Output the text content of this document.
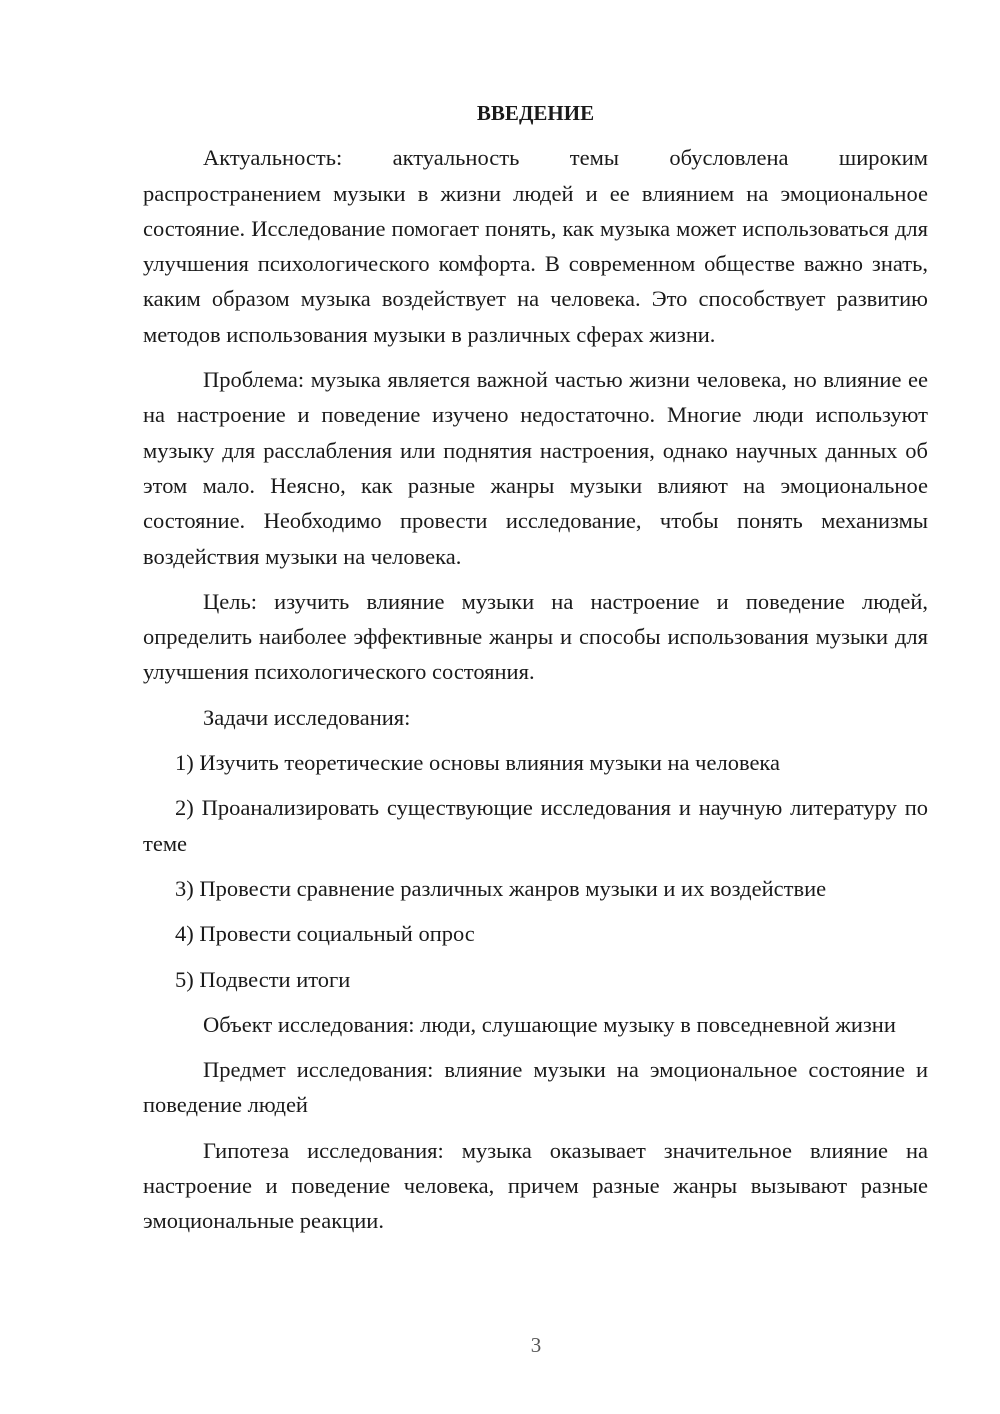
ВВЕДЕНИЕ

Актуальность: актуальность темы обусловлена широким распространением музыки в жизни людей и ее влиянием на эмоциональное состояние. Исследование помогает понять, как музыка может использоваться для улучшения психологического комфорта. В современном обществе важно знать, каким образом музыка воздействует на человека. Это способствует развитию методов использования музыки в различных сферах жизни.

Проблема: музыка является важной частью жизни человека, но влияние ее на настроение и поведение изучено недостаточно. Многие люди используют музыку для расслабления или поднятия настроения, однако научных данных об этом мало. Неясно, как разные жанры музыки влияют на эмоциональное состояние. Необходимо провести исследование, чтобы понять механизмы воздействия музыки на человека.

Цель: изучить влияние музыки на настроение и поведение людей, определить наиболее эффективные жанры и способы использования музыки для улучшения психологического состояния.

Задачи исследования:

1) Изучить теоретические основы влияния музыки на человека

2) Проанализировать существующие исследования и научную литературу по теме

3) Провести сравнение различных жанров музыки и их воздействие

4) Провести социальный опрос

5) Подвести итоги

Объект исследования: люди, слушающие музыку в повседневной жизни

Предмет исследования: влияние музыки на эмоциональное состояние и поведение людей

Гипотеза исследования: музыка оказывает значительное влияние на настроение и поведение человека, причем разные жанры вызывают разные эмоциональные реакции.

3
